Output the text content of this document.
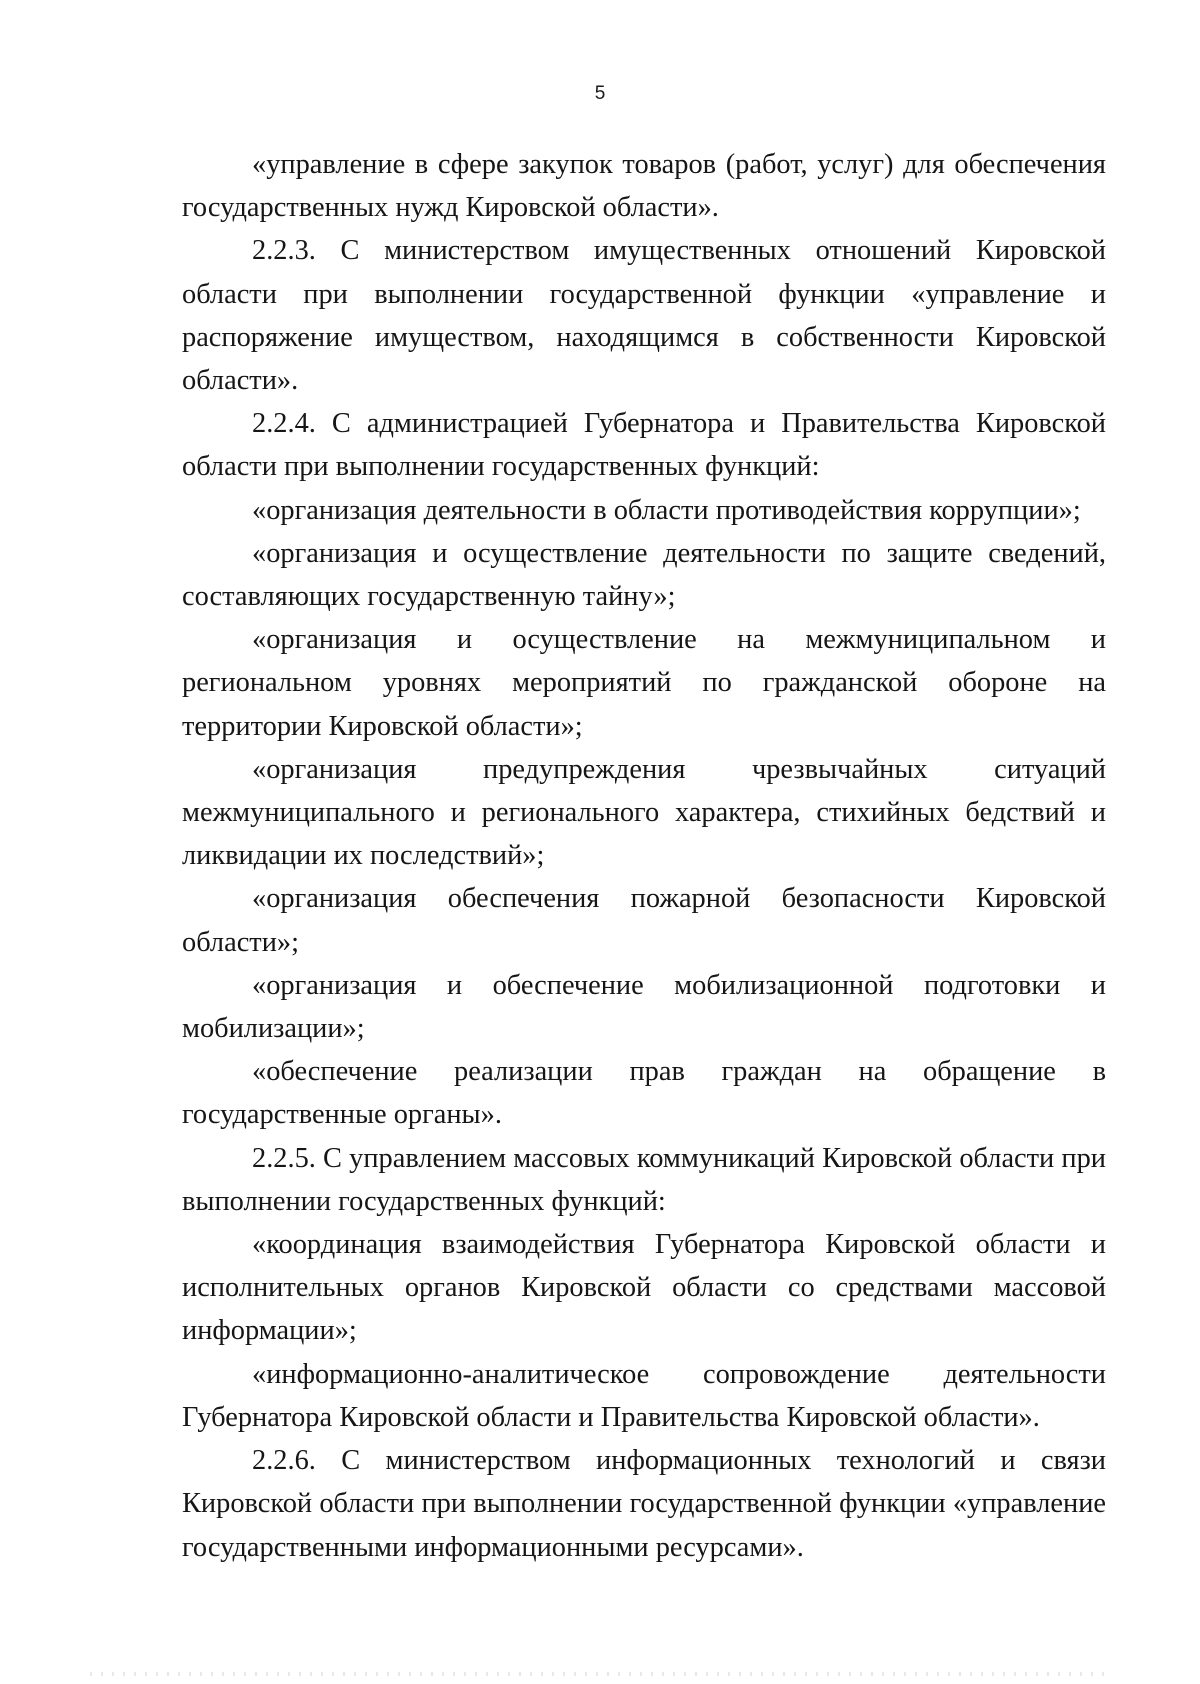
5

«управление в сфере закупок товаров (работ, услуг) для обеспечения государственных нужд Кировской области».

2.2.3. С министерством имущественных отношений Кировской области при выполнении государственной функции «управление и распоряжение имуществом, находящимся в собственности Кировской области».

2.2.4. С администрацией Губернатора и Правительства Кировской области при выполнении государственных функций:

«организация деятельности в области противодействия коррупции»;

«организация и осуществление деятельности по защите сведений, составляющих государственную тайну»;

«организация и осуществление на межмуниципальном и региональном уровнях мероприятий по гражданской обороне на территории Кировской области»;

«организация предупреждения чрезвычайных ситуаций межмуниципального и регионального характера, стихийных бедствий и ликвидации их последствий»;

«организация обеспечения пожарной безопасности Кировской области»;

«организация и обеспечение мобилизационной подготовки и мобилизации»;

«обеспечение реализации прав граждан на обращение в государственные органы».

2.2.5. С управлением массовых коммуникаций Кировской области при выполнении государственных функций:

«координация взаимодействия Губернатора Кировской области и исполнительных органов Кировской области со средствами массовой информации»;

«информационно-аналитическое сопровождение деятельности Губернатора Кировской области и Правительства Кировской области».

2.2.6. С министерством информационных технологий и связи Кировской области при выполнении государственной функции «управление государственными информационными ресурсами».
